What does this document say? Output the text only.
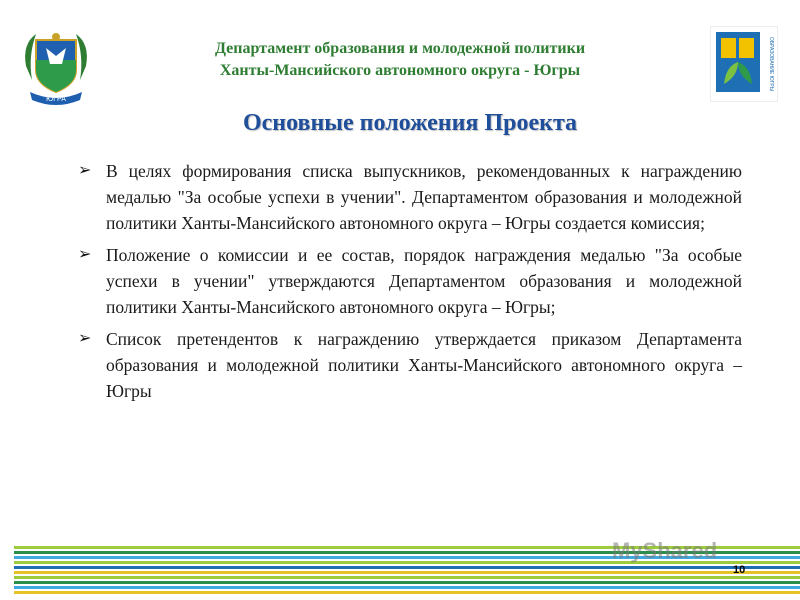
ЮГРА
ОБРАЗОВАНИЕ ЮГРЫ
Департамент образования и молодежной политики
Ханты-Мансийского автономного округа - Югры
Основные положения Проекта
➢ В целях формирования списка выпускников, рекомендованных к награждению медалью "За особые успехи в учении". Департаментом образования и молодежной политики Ханты-Мансийского автономного округа – Югры создается комиссия;
➢ Положение о комиссии и ее состав, порядок награждения медалью "За особые успехи в учении" утверждаются Департаментом образования и молодежной политики Ханты-Мансийского автономного округа – Югры;
➢ Список претендентов к награждению утверждается приказом Департамента образования и молодежной политики Ханты-Мансийского автономного округа – Югры
MyShared
10
